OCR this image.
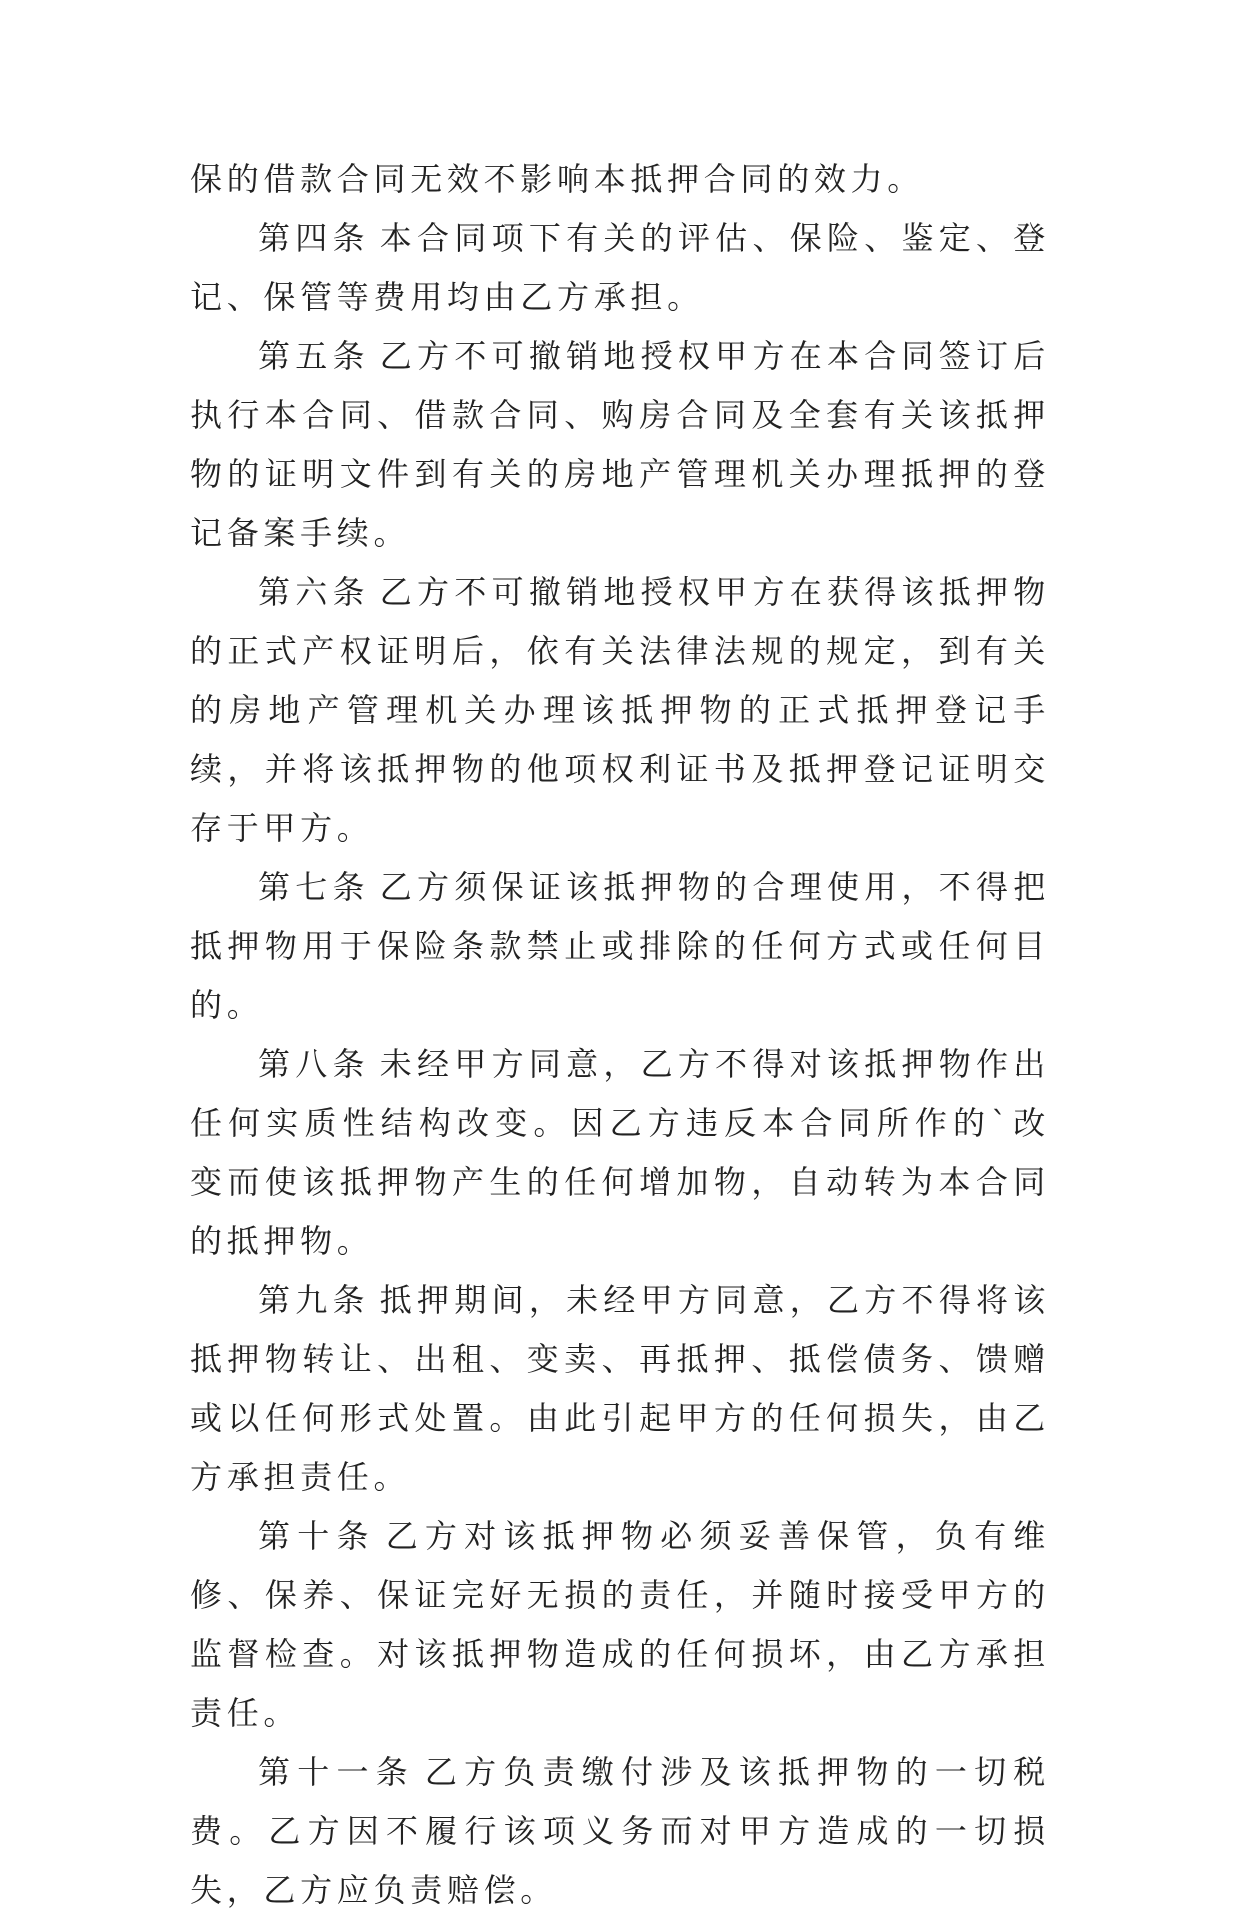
保的借款合同无效不影响本抵押合同的效力。

第四条 本合同项下有关的评估、保险、鉴定、登记、保管等费用均由乙方承担。

第五条 乙方不可撤销地授权甲方在本合同签订后执行本合同、借款合同、购房合同及全套有关该抵押物的证明文件到有关的房地产管理机关办理抵押的登记备案手续。

第六条 乙方不可撤销地授权甲方在获得该抵押物的正式产权证明后，依有关法律法规的规定，到有关的房地产管理机关办理该抵押物的正式抵押登记手续，并将该抵押物的他项权利证书及抵押登记证明交存于甲方。

第七条 乙方须保证该抵押物的合理使用，不得把抵押物用于保险条款禁止或排除的任何方式或任何目的。

第八条 未经甲方同意，乙方不得对该抵押物作出任何实质性结构改变。因乙方违反本合同所作的`改变而使该抵押物产生的任何增加物，自动转为本合同的抵押物。

第九条 抵押期间，未经甲方同意，乙方不得将该抵押物转让、出租、变卖、再抵押、抵偿债务、馈赠或以任何形式处置。由此引起甲方的任何损失，由乙方承担责任。

第十条 乙方对该抵押物必须妥善保管，负有维修、保养、保证完好无损的责任，并随时接受甲方的监督检查。对该抵押物造成的任何损坏，由乙方承担责任。

第十一条 乙方负责缴付涉及该抵押物的一切税费。乙方因不履行该项义务而对甲方造成的一切损失，乙方应负责赔偿。
